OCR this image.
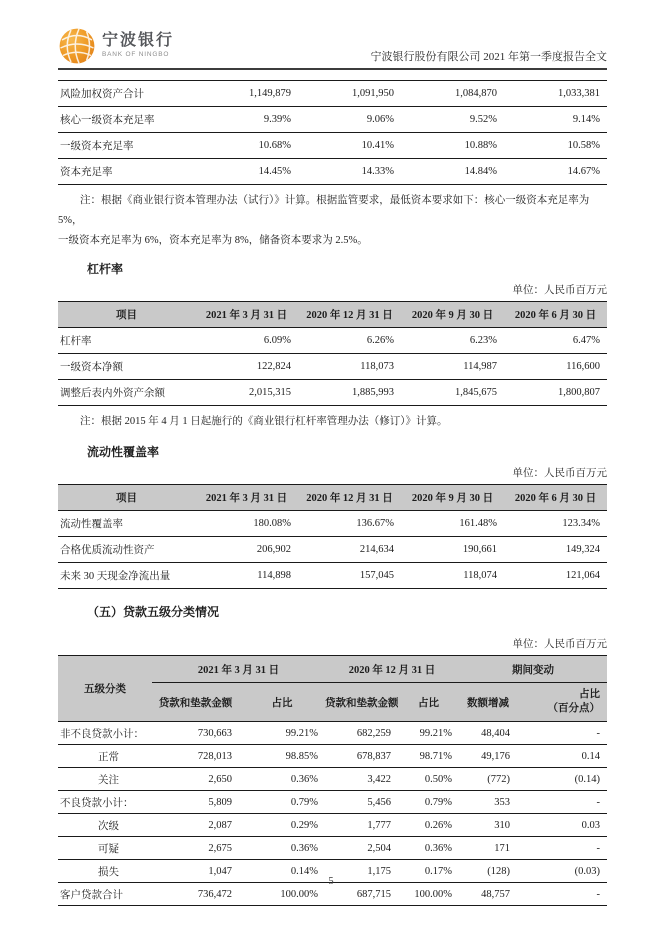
宁波银行
BANK OF NINGBO	宁波银行股份有限公司 2021 年第一季度报告全文
风险加权资产合计	1,149,879	1,091,950	1,084,870	1,033,381
核心一级资本充足率	9.39%	9.06%	9.52%	9.14%
一级资本充足率	10.68%	10.41%	10.88%	10.58%
资本充足率	14.45%	14.33%	14.84%	14.67%
注：根据《商业银行资本管理办法（试行）》计算。根据监管要求，最低资本要求如下：核心一级资本充足率为 5%，
一级资本充足率为 6%，资本充足率为 8%，储备资本要求为 2.5%。
杠杆率
单位：人民币百万元
项目	2021 年 3 月 31 日	2020 年 12 月 31 日	2020 年 9 月 30 日	2020 年 6 月 30 日
杠杆率	6.09%	6.26%	6.23%	6.47%
一级资本净额	122,824	118,073	114,987	116,600
调整后表内外资产余额	2,015,315	1,885,993	1,845,675	1,800,807
注：根据 2015 年 4 月 1 日起施行的《商业银行杠杆率管理办法（修订）》计算。
流动性覆盖率
单位：人民币百万元
项目	2021 年 3 月 31 日	2020 年 12 月 31 日	2020 年 9 月 30 日	2020 年 6 月 30 日
流动性覆盖率	180.08%	136.67%	161.48%	123.34%
合格优质流动性资产	206,902	214,634	190,661	149,324
未来 30 天现金净流出量	114,898	157,045	118,074	121,064
（五）贷款五级分类情况
单位：人民币百万元
五级分类	2021 年 3 月 31 日		2020 年 12 月 31 日		期间变动	
	贷款和垫款金额	占比	贷款和垫款金额	占比	数额增减	占比
（百分点）

非不良贷款小计：	730,663	99.21%	682,259	99.21%	48,404	-
正常	728,013	98.85%	678,837	98.71%	49,176	0.14
关注	2,650	0.36%	3,422	0.50%	(772)	(0.14)
不良贷款小计：	5,809	0.79%	5,456	0.79%	353	-
次级	2,087	0.29%	1,777	0.26%	310	0.03
可疑	2,675	0.36%	2,504	0.36%	171	-
损失	1,047	0.14%	1,175	0.17%	(128)	(0.03)
客户贷款合计	736,472	100.00%	687,715	100.00%	48,757	-
5
